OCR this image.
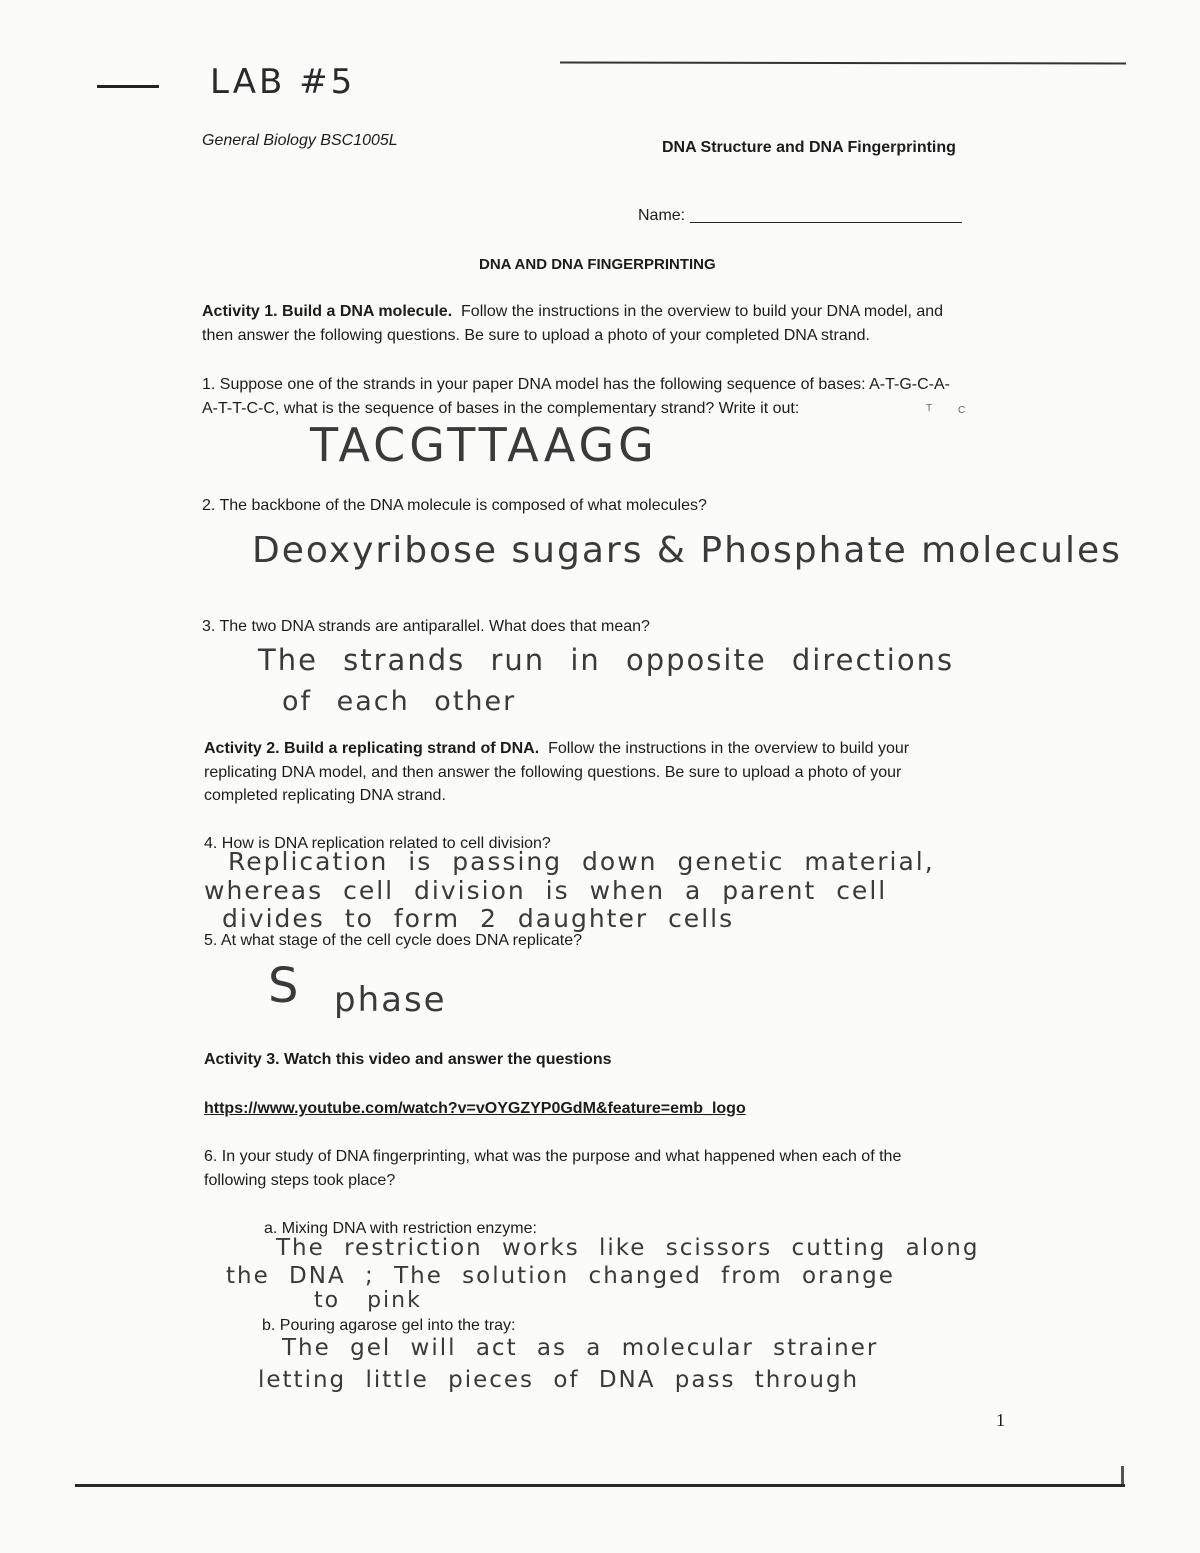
LAB #5
General Biology BSC1005L	DNA Structure and DNA Fingerprinting
Name:
DNA AND DNA FINGERPRINTING
Activity 1. Build a DNA molecule. Follow the instructions in the overview to build your DNA model, and
then answer the following questions. Be sure to upload a photo of your completed DNA strand.
1. Suppose one of the strands in your paper DNA model has the following sequence of bases: A-T-G-C-A-
A-T-T-C-C, what is the sequence of bases in the complementary strand? Write it out:	T	C
TACGTTAAGG
2. The backbone of the DNA molecule is composed of what molecules?
Deoxyribose sugars & Phosphate molecules
3. The two DNA strands are antiparallel. What does that mean?
The strands run in opposite directions
of each other
Activity 2. Build a replicating strand of DNA. Follow the instructions in the overview to build your
replicating DNA model, and then answer the following questions. Be sure to upload a photo of your
completed replicating DNA strand.
4. How is DNA replication related to cell division?
Replication is passing down genetic material,
whereas cell division is when a parent cell
divides to form 2 daughter cells
5. At what stage of the cell cycle does DNA replicate?
S phase
Activity 3. Watch this video and answer the questions
https://www.youtube.com/watch?v=vOYGZYP0GdM&feature=emb_logo
6. In your study of DNA fingerprinting, what was the purpose and what happened when each of the
following steps took place?
a. Mixing DNA with restriction enzyme:
The restriction works like scissors cutting along
the DNA ; The solution changed from orange
to pink
b. Pouring agarose gel into the tray:
The gel will act as a molecular strainer
letting little pieces of DNA pass through
1
